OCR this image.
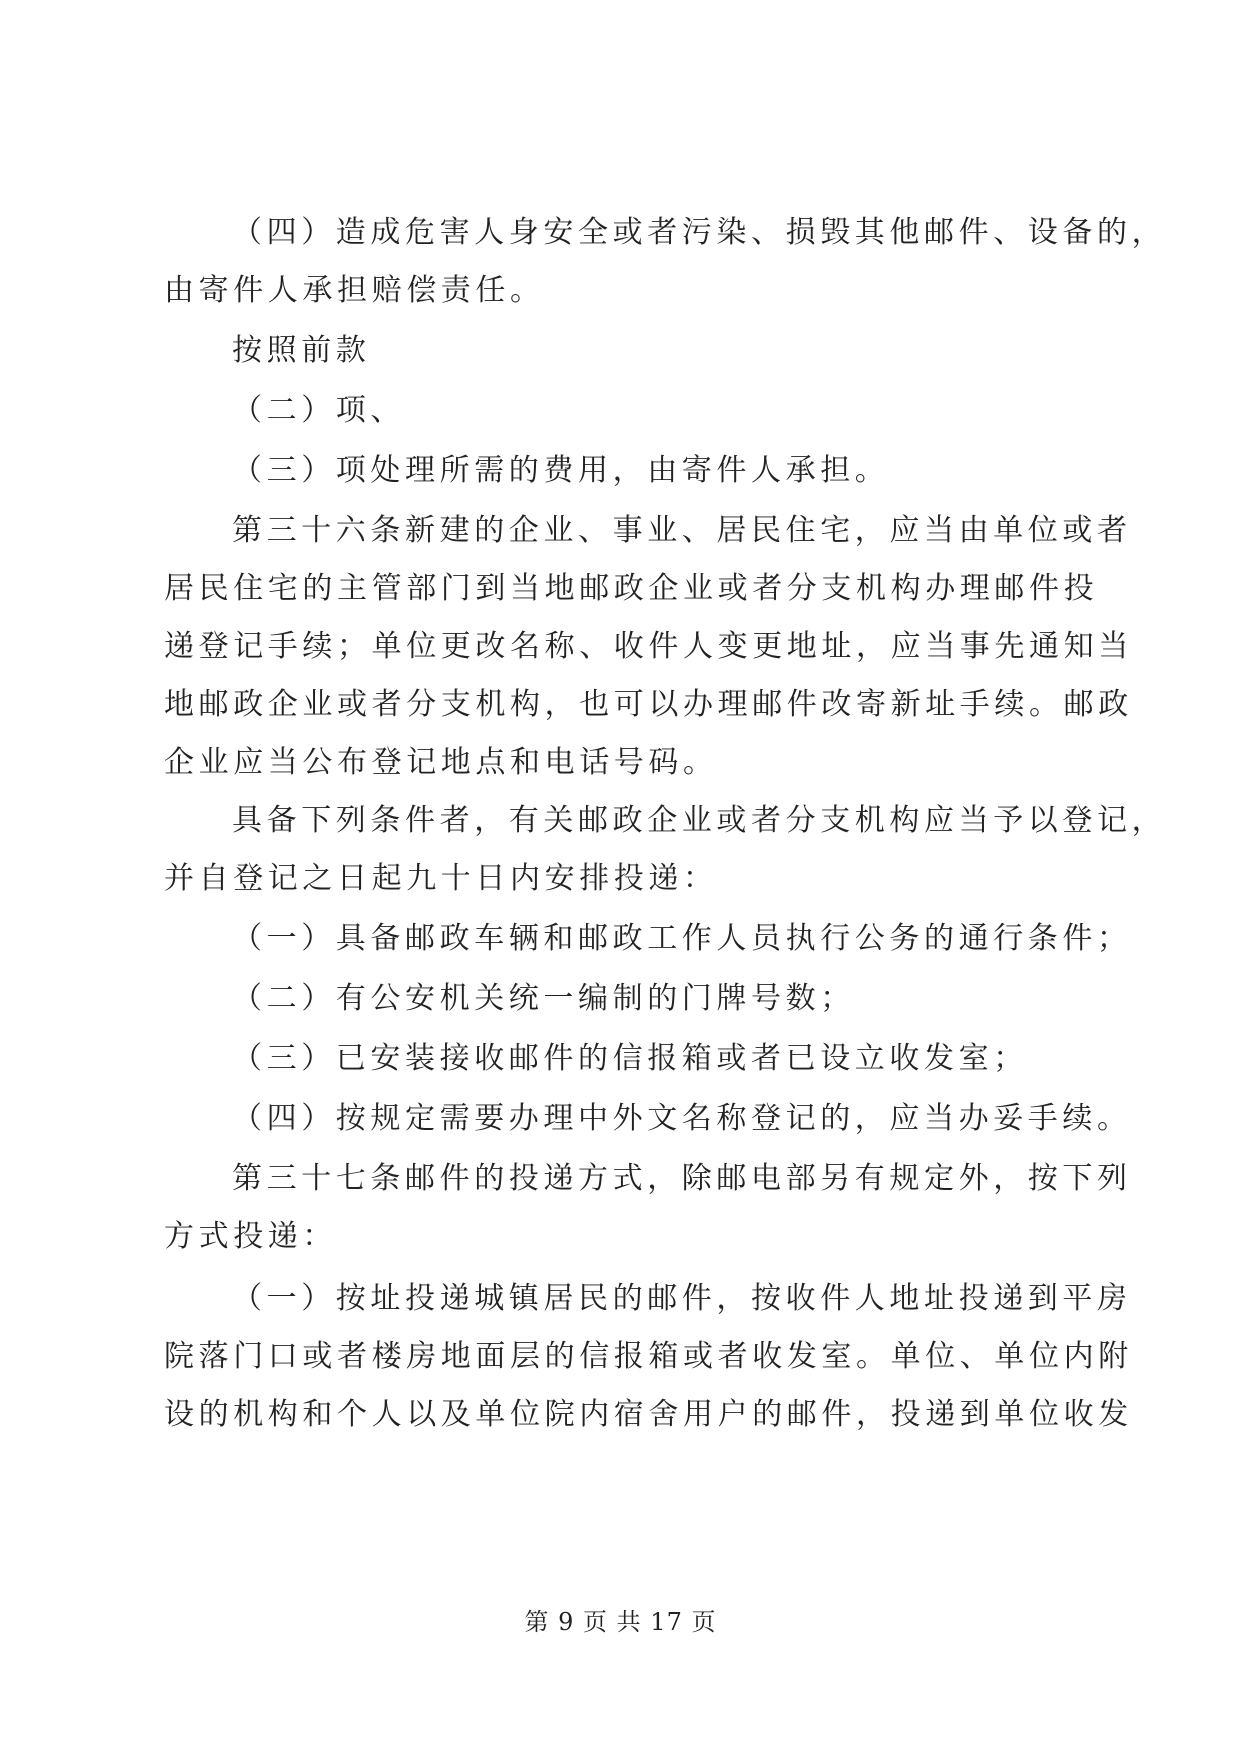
（四）造成危害人身安全或者污染、损毁其他邮件、设备的，
由寄件人承担赔偿责任。
按照前款
（二）项、
（三）项处理所需的费用，由寄件人承担。
第三十六条新建的企业、事业、居民住宅，应当由单位或者
居民住宅的主管部门到当地邮政企业或者分支机构办理邮件投
递登记手续；单位更改名称、收件人变更地址，应当事先通知当
地邮政企业或者分支机构，也可以办理邮件改寄新址手续。邮政
企业应当公布登记地点和电话号码。
具备下列条件者，有关邮政企业或者分支机构应当予以登记，
并自登记之日起九十日内安排投递：
（一）具备邮政车辆和邮政工作人员执行公务的通行条件；
（二）有公安机关统一编制的门牌号数；
（三）已安装接收邮件的信报箱或者已设立收发室；
（四）按规定需要办理中外文名称登记的，应当办妥手续。
第三十七条邮件的投递方式，除邮电部另有规定外，按下列
方式投递：
（一）按址投递城镇居民的邮件，按收件人地址投递到平房
院落门口或者楼房地面层的信报箱或者收发室。单位、单位内附
设的机构和个人以及单位院内宿舍用户的邮件，投递到单位收发
第 9 页 共 17 页
